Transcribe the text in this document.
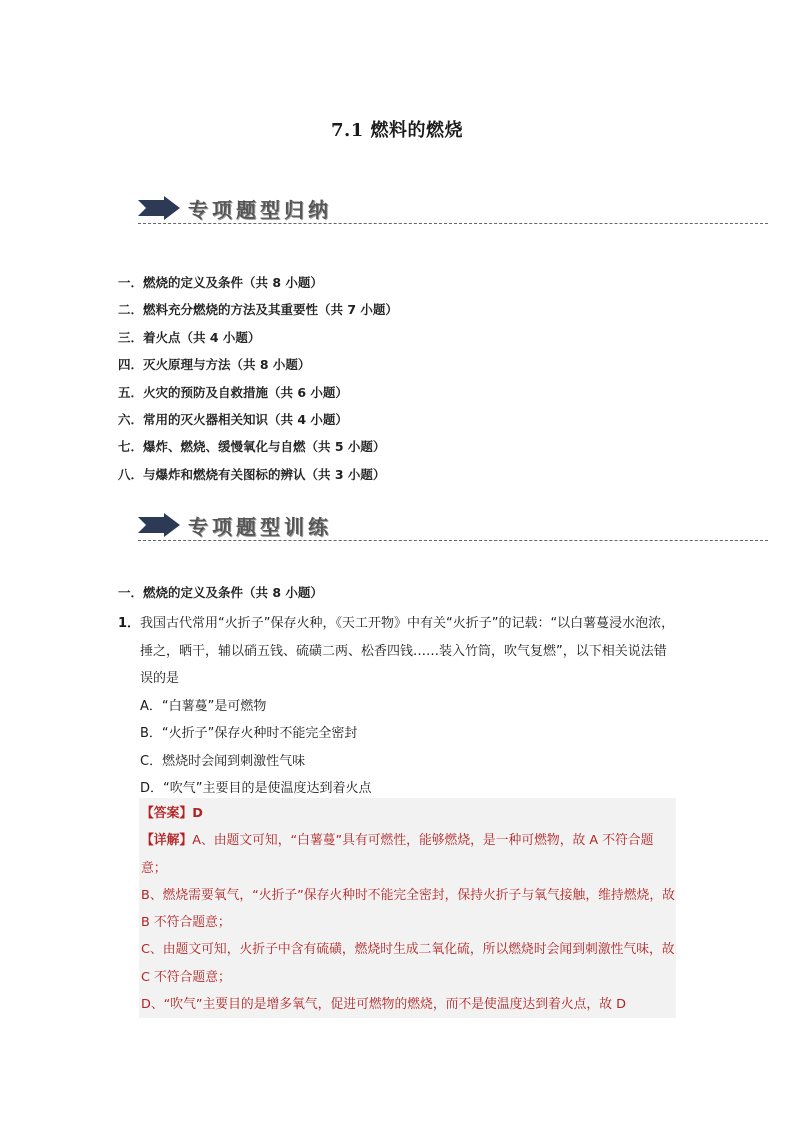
7.1 燃料的燃烧
专项题型归纳
一．燃烧的定义及条件（共 8 小题）
二．燃料充分燃烧的方法及其重要性（共 7 小题）
三．着火点（共 4 小题）
四．灭火原理与方法（共 8 小题）
五．火灾的预防及自救措施（共 6 小题）
六．常用的灭火器相关知识（共 4 小题）
七．爆炸、燃烧、缓慢氧化与自燃（共 5 小题）
八．与爆炸和燃烧有关图标的辨认（共 3 小题）
专项题型训练
一．燃烧的定义及条件（共 8 小题）
1． 我国古代常用“火折子”保存火种，《天工开物》中有关“火折子”的记载：“以白薯蔓浸水泡浓，捶之，晒干，辅以硝五钱、硫磺二两、松香四钱……装入竹筒，吹气复燃”，以下相关说法错误的是
A．“白薯蔓”是可燃物
B．“火折子”保存火种时不能完全密封
C．燃烧时会闻到刺激性气味
D．“吹气”主要目的是使温度达到着火点

【答案】D

【详解】A、由题文可知，“白薯蔓”具有可燃性，能够燃烧，是一种可燃物，故 A 不符合题意；

B、燃烧需要氧气，“火折子”保存火种时不能完全密封，保持火折子与氧气接触，维持燃烧，故 B 不符合题意；

C、由题文可知，火折子中含有硫磺，燃烧时生成二氧化硫，所以燃烧时会闻到刺激性气味，故 C 不符合题意；

D、“吹气”主要目的是增多氧气，促进可燃物的燃烧，而不是使温度达到着火点，故 D
